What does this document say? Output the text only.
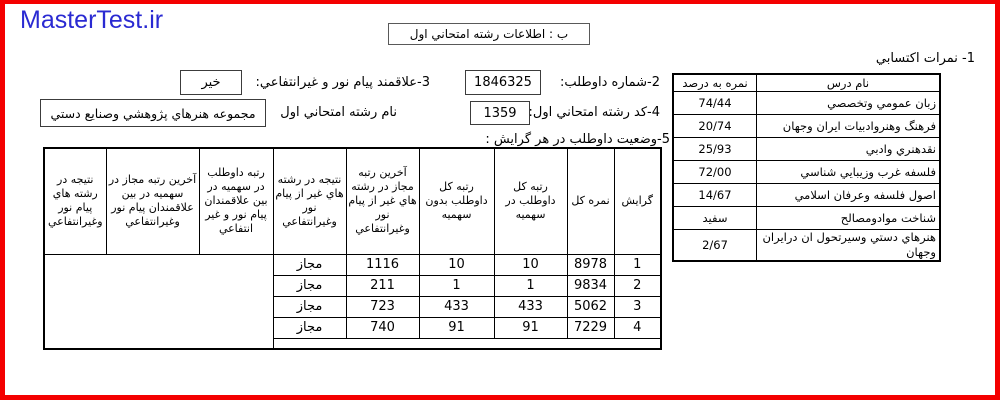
MasterTest.ir	ب : اطلاعات رشته امتحاني اول
1- نمرات اكتسابي
نام درس	نمره به درصد
زبان عمومي وتخصصي	74/44
فرهنگ وهنروادبيات ايران وجهان	20/74
نقدهنري وادبي	25/93
فلسفه غرب وزيبايي شناسي	72/00
اصول فلسفه وعرفان اسلامي	14/67
شناخت موادومصالح	سفيد
هنرهاي دستي وسيرتحول ان درايران وجهان	2/67
2-شماره داوطلب:
1846325
3-علاقمند پيام نور و غيرانتفاعي:
خير
4-كد رشته امتحاني اول:
1359
نام رشته امتحاني اول
مجموعه هنرهاي پژوهشي وصنايع دستي
5-وضعيت داوطلب در هر گرايش :
گرايش	نمره كل	رتبه كل داوطلب در سهميه	رتبه كل داوطلب بدون سهميه	آخرين رتبه مجاز در رشته هاي غير از پيام نور وغيرانتفاعي	نتيجه در رشته هاي غير از پيام نور وغيرانتفاعي	رتبه داوطلب در سهميه در بين علاقمندان پيام نور و غير انتفاعي	آخرين رتبه مجاز در سهميه در بين علاقمندان پيام نور وغيرانتفاعي	نتيجه در رشته هاي پيام نور وغيرانتفاعي
1	8978	10	10	1116	مجاز			
2	9834	1	1	211	مجاز			
3	5062	433	433	723	مجاز			
4	7229	91	91	740	مجاز			
